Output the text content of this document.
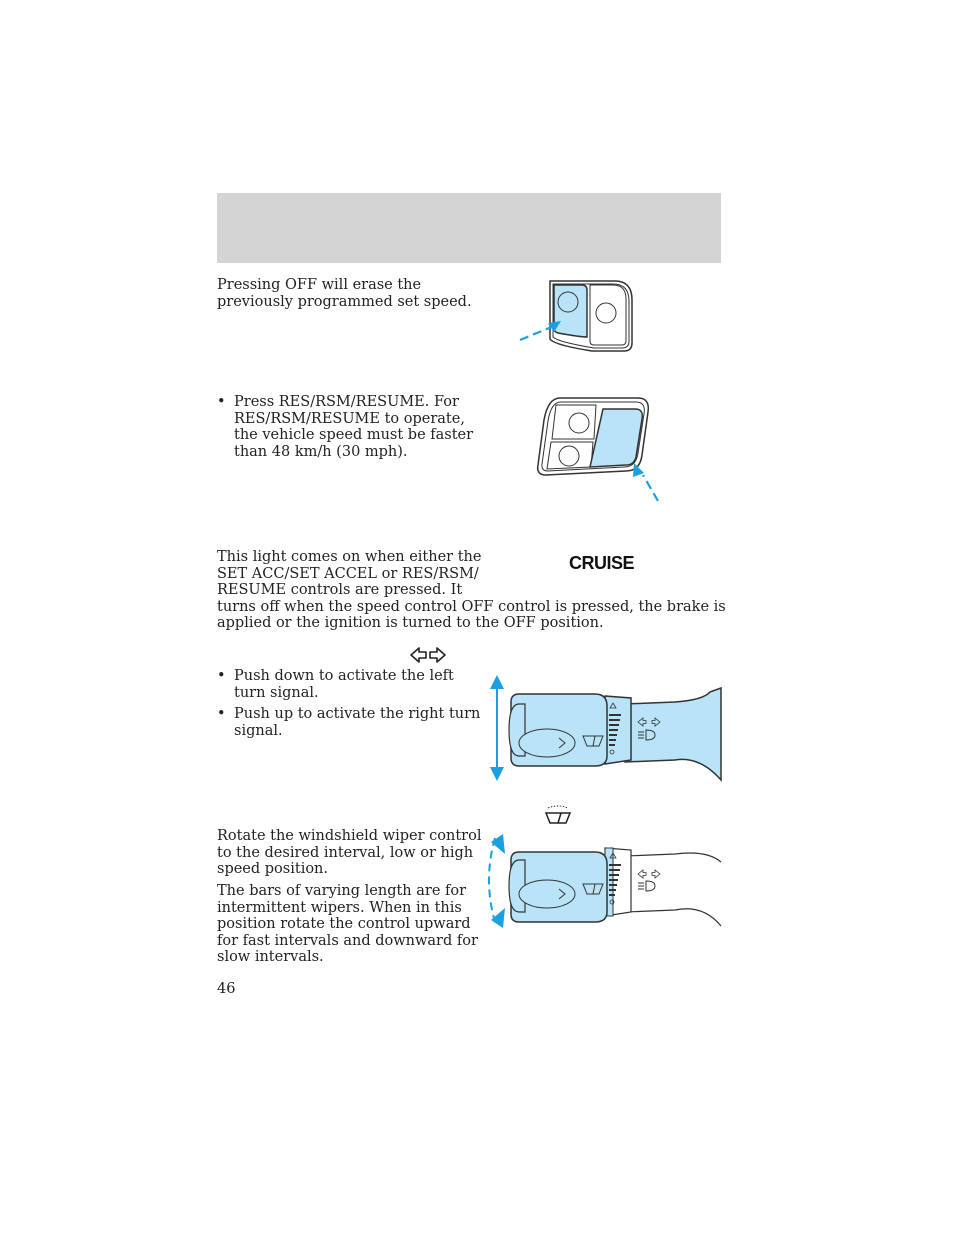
Pressing OFF will erase the
previously programmed set speed.
• Press RES/RSM/RESUME. For
RES/RSM/RESUME to operate,
the vehicle speed must be faster
than 48 km/h (30 mph).
This light comes on when either the
SET ACC/SET ACCEL or RES/RSM/
RESUME controls are pressed. It
turns off when the speed control OFF control is pressed, the brake is
applied or the ignition is turned to the OFF position.
CRUISE
• Push down to activate the left
turn signal.
• Push up to activate the right turn
signal.
Rotate the windshield wiper control
to the desired interval, low or high
speed position.
The bars of varying length are for
intermittent wipers. When in this
position rotate the control upward
for fast intervals and downward for
slow intervals.
46
